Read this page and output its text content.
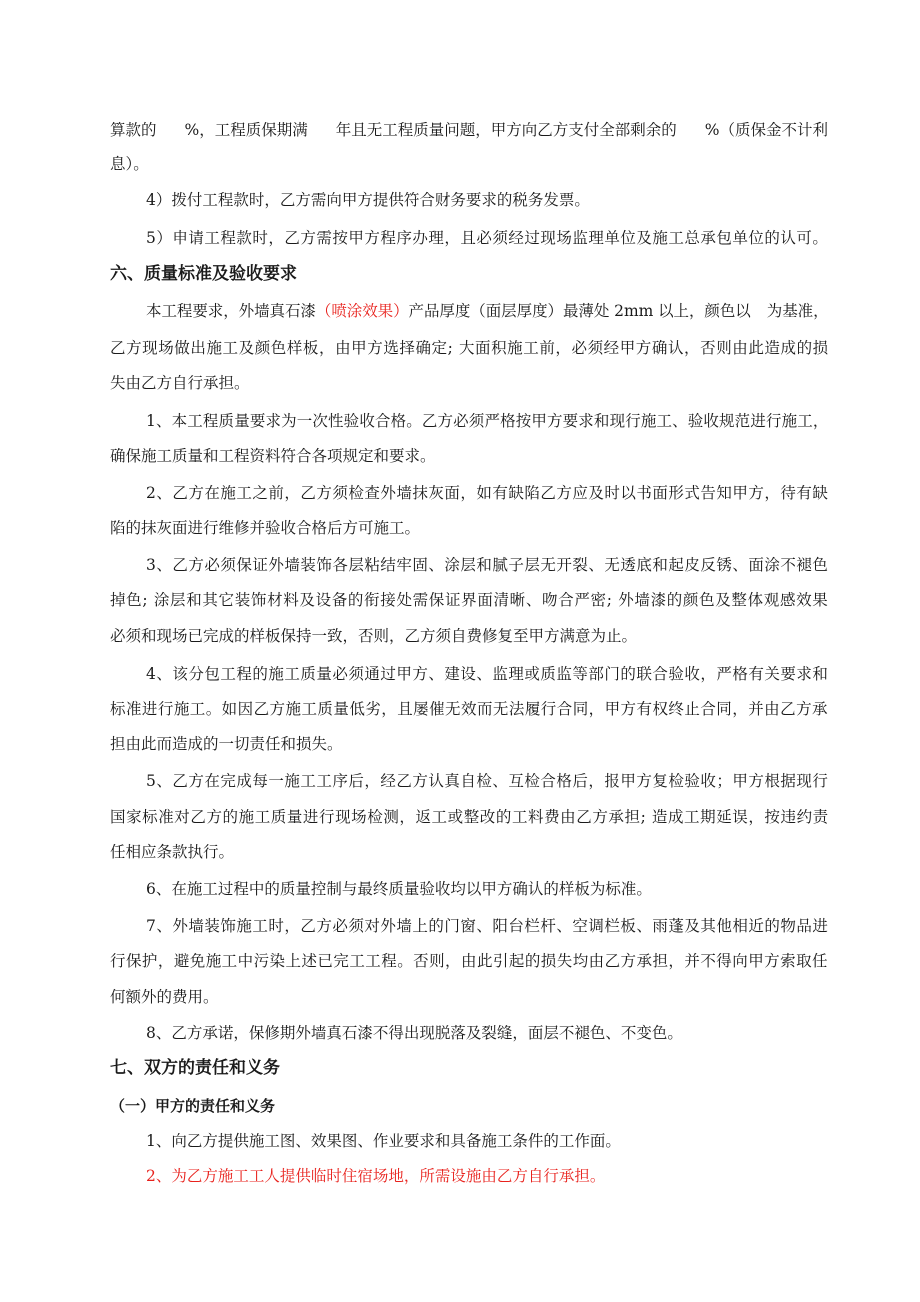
算款的 %，工程质保期满 年且无工程质量问题，甲方向乙方支付全部剩余的 %（质保金不计利
息）。
4）拨付工程款时，乙方需向甲方提供符合财务要求的税务发票。
5）申请工程款时，乙方需按甲方程序办理，且必须经过现场监理单位及施工总承包单位的认可。
六、质量标准及验收要求
本工程要求，外墙真石漆（喷涂效果）产品厚度（面层厚度）最薄处 2mm 以上，颜色以 为基准，
乙方现场做出施工及颜色样板，由甲方选择确定; 大面积施工前，必须经甲方确认，否则由此造成的损
失由乙方自行承担。
1、本工程质量要求为一次性验收合格。乙方必须严格按甲方要求和现行施工、验收规范进行施工，
确保施工质量和工程资料符合各项规定和要求。
2、乙方在施工之前，乙方须检查外墙抹灰面，如有缺陷乙方应及时以书面形式告知甲方，待有缺
陷的抹灰面进行维修并验收合格后方可施工。
3、乙方必须保证外墙装饰各层粘结牢固、涂层和腻子层无开裂、无透底和起皮反锈、面涂不褪色
掉色; 涂层和其它装饰材料及设备的衔接处需保证界面清晰、吻合严密; 外墙漆的颜色及整体观感效果
必须和现场已完成的样板保持一致，否则，乙方须自费修复至甲方满意为止。
4、该分包工程的施工质量必须通过甲方、建设、监理或质监等部门的联合验收，严格有关要求和
标准进行施工。如因乙方施工质量低劣，且屡催无效而无法履行合同，甲方有权终止合同，并由乙方承
担由此而造成的一切责任和损失。
5、乙方在完成每一施工工序后，经乙方认真自检、互检合格后，报甲方复检验收；甲方根据现行
国家标准对乙方的施工质量进行现场检测，返工或整改的工料费由乙方承担; 造成工期延误，按违约责
任相应条款执行。
6、在施工过程中的质量控制与最终质量验收均以甲方确认的样板为标准。
7、外墙装饰施工时，乙方必须对外墙上的门窗、阳台栏杆、空调栏板、雨蓬及其他相近的物品进
行保护，避免施工中污染上述已完工工程。否则，由此引起的损失均由乙方承担，并不得向甲方索取任
何额外的费用。
8、乙方承诺，保修期外墙真石漆不得出现脱落及裂缝，面层不褪色、不变色。
七、双方的责任和义务
（一）甲方的责任和义务
1、向乙方提供施工图、效果图、作业要求和具备施工条件的工作面。
2、为乙方施工工人提供临时住宿场地，所需设施由乙方自行承担。
